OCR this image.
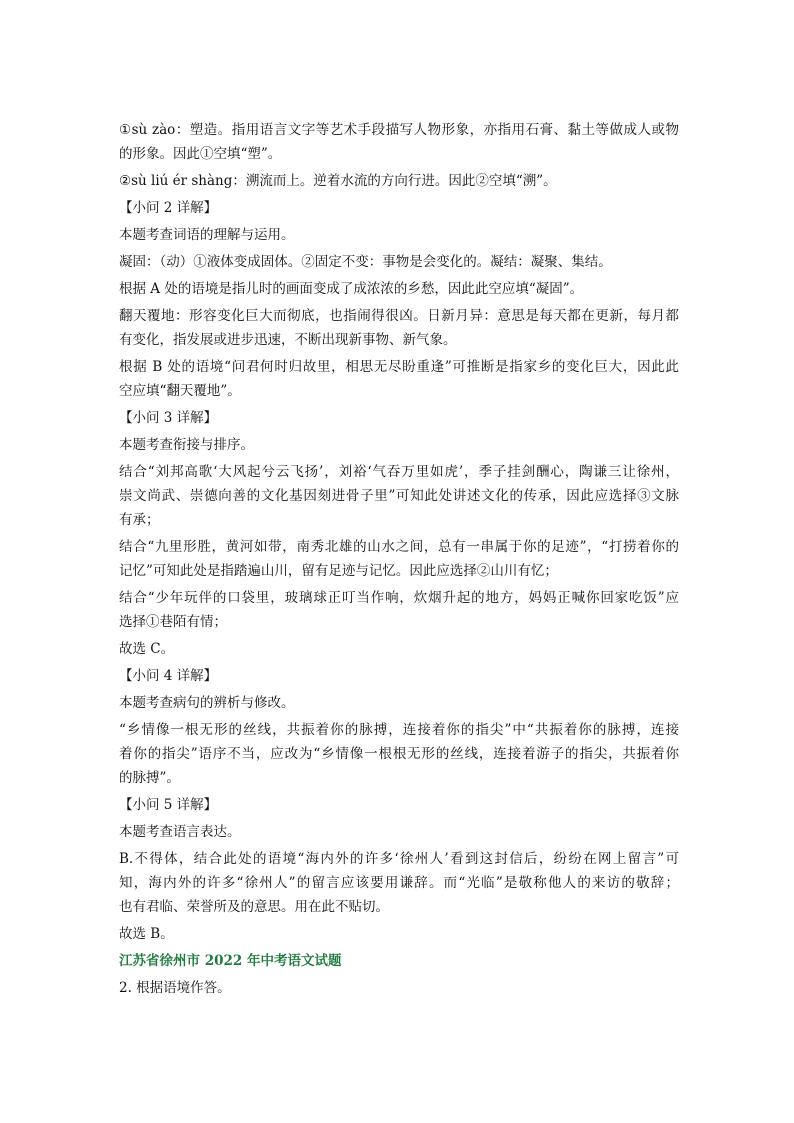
①sù zào：塑造。指用语言文字等艺术手段描写人物形象，亦指用石膏、黏土等做成人或物
的形象。因此①空填“塑”。
②sù liú ér shàng：溯流而上。逆着水流的方向行进。因此②空填“溯”。
【小问 2 详解】
本题考查词语的理解与运用。
凝固：（动）①液体变成固体。②固定不变：事物是会变化的。凝结：凝聚、集结。
根据 A 处的语境是指儿时的画面变成了成浓浓的乡愁，因此此空应填“凝固”。
翻天覆地：形容变化巨大而彻底，也指闹得很凶。日新月异：意思是每天都在更新，每月都
有变化，指发展或进步迅速，不断出现新事物、新气象。
根据 B 处的语境“问君何时归故里，相思无尽盼重逢”可推断是指家乡的变化巨大，因此此
空应填“翻天覆地”。
【小问 3 详解】
本题考查衔接与排序。
结合“刘邦高歌‘大风起兮云飞扬’，刘裕‘气吞万里如虎’，季子挂剑酬心，陶谦三让徐州，
崇文尚武、崇德向善的文化基因刻进骨子里”可知此处讲述文化的传承，因此应选择③文脉
有承；
结合“九里形胜，黄河如带，南秀北雄的山水之间，总有一串属于你的足迹”，“打捞着你的
记忆”可知此处是指踏遍山川，留有足迹与记忆。因此应选择②山川有忆；
结合“少年玩伴的口袋里，玻璃球正叮当作响，炊烟升起的地方，妈妈正喊你回家吃饭”应
选择①巷陌有情；
故选 C。
【小问 4 详解】
本题考查病句的辨析与修改。
“乡情像一根无形的丝线，共振着你的脉搏，连接着你的指尖”中“共振着你的脉搏，连接
着你的指尖”语序不当，应改为“乡情像一根根无形的丝线，连接着游子的指尖，共振着你
的脉搏”。
【小问 5 详解】
本题考查语言表达。
B.不得体，结合此处的语境“海内外的许多‘徐州人’看到这封信后，纷纷在网上留言”可
知，海内外的许多“徐州人”的留言应该要用谦辞。而“光临”是敬称他人的来访的敬辞；
也有君临、荣誉所及的意思。用在此不贴切。
故选 B。
江苏省徐州市 2022 年中考语文试题
2. 根据语境作答。
